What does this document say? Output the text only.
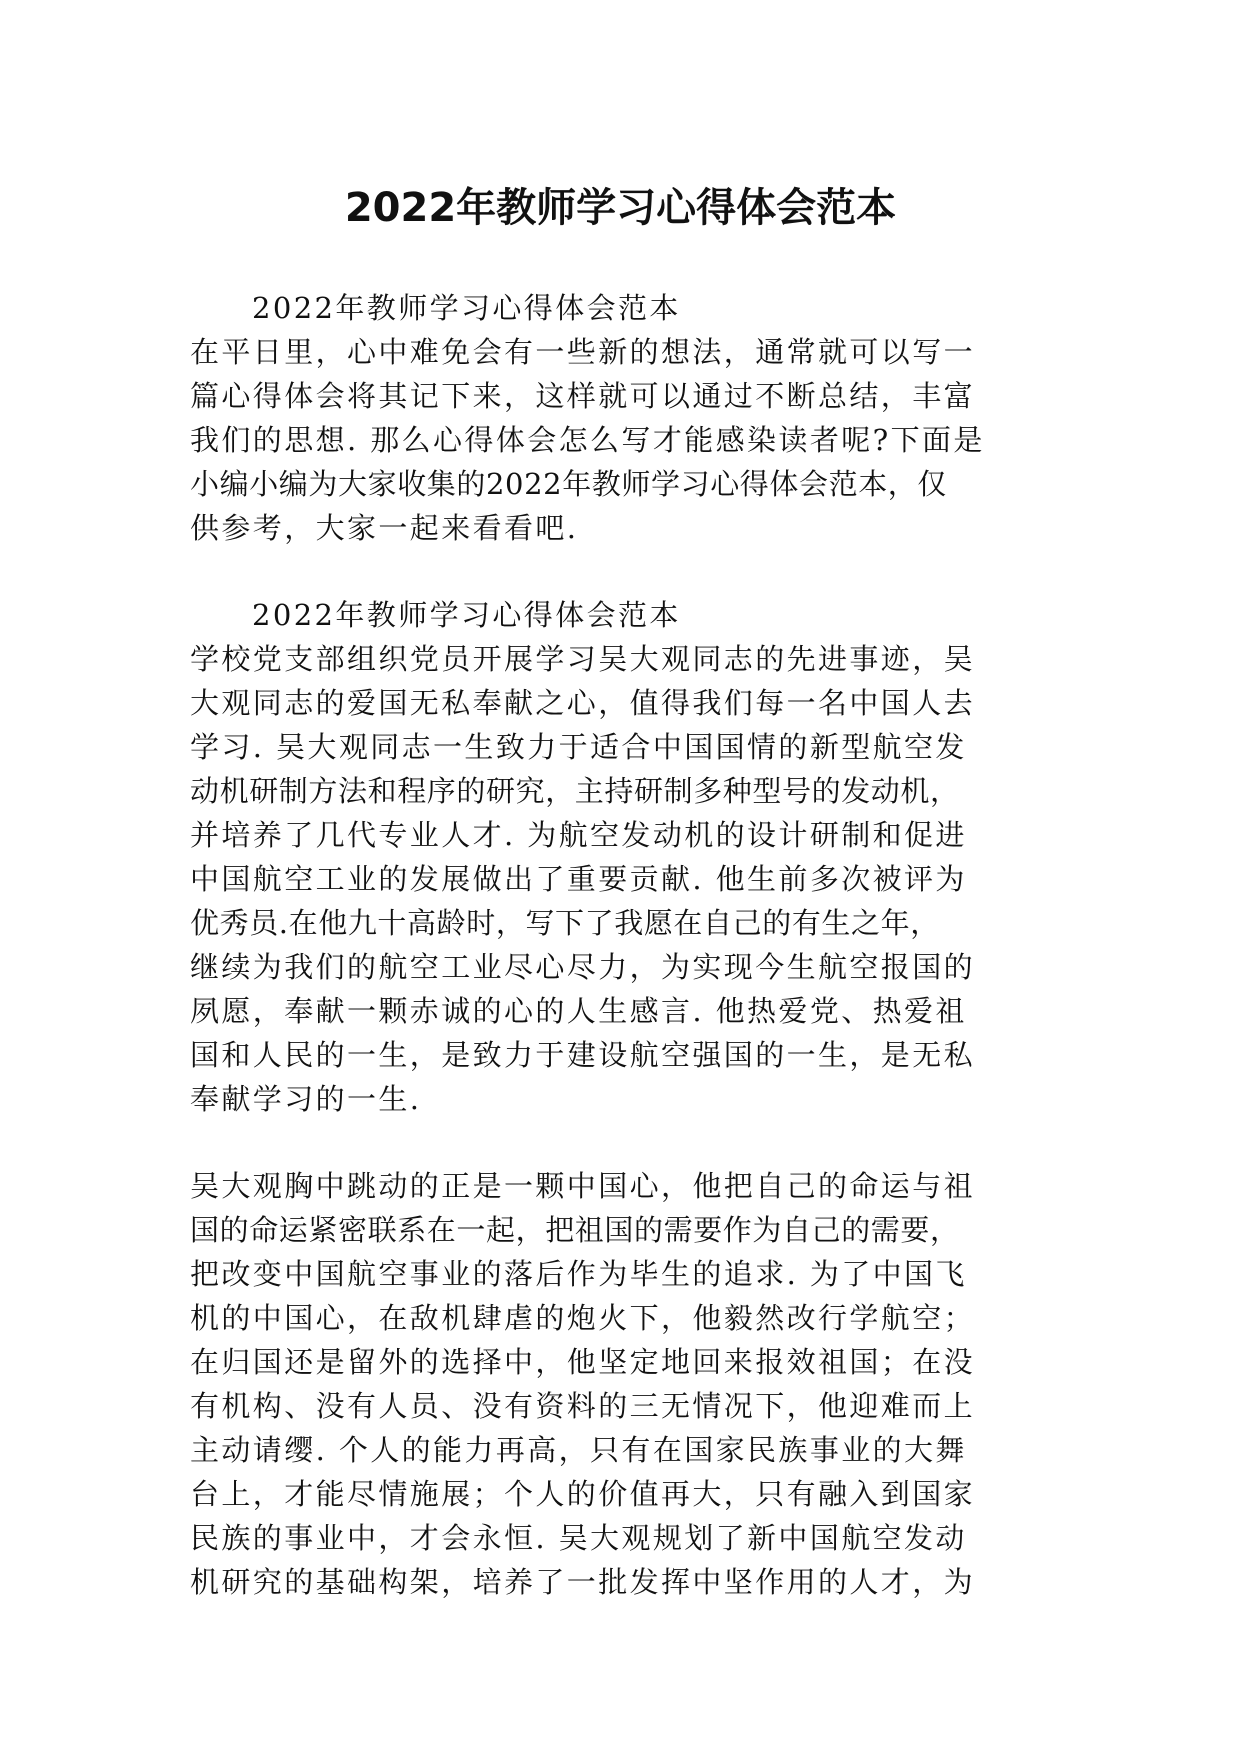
2022年教师学习心得体会范本
2022年教师学习心得体会范本
在平日里，心中难免会有一些新的想法，通常就可以写一
篇心得体会将其记下来，这样就可以通过不断总结，丰富
我们的思想. 那么心得体会怎么写才能感染读者呢?下面是
小编小编为大家收集的2022年教师学习心得体会范本，仅
供参考，大家一起来看看吧.
2022年教师学习心得体会范本
学校党支部组织党员开展学习吴大观同志的先进事迹，吴
大观同志的爱国无私奉献之心，值得我们每一名中国人去
学习. 吴大观同志一生致力于适合中国国情的新型航空发
动机研制方法和程序的研究，主持研制多种型号的发动机，
并培养了几代专业人才. 为航空发动机的设计研制和促进
中国航空工业的发展做出了重要贡献. 他生前多次被评为
优秀员.在他九十高龄时，写下了我愿在自己的有生之年，
继续为我们的航空工业尽心尽力，为实现今生航空报国的
夙愿，奉献一颗赤诚的心的人生感言. 他热爱党、热爱祖
国和人民的一生，是致力于建设航空强国的一生，是无私
奉献学习的一生.
吴大观胸中跳动的正是一颗中国心，他把自己的命运与祖
国的命运紧密联系在一起，把祖国的需要作为自己的需要，
把改变中国航空事业的落后作为毕生的追求. 为了中国飞
机的中国心，在敌机肆虐的炮火下，他毅然改行学航空；
在归国还是留外的选择中，他坚定地回来报效祖国；在没
有机构、没有人员、没有资料的三无情况下，他迎难而上
主动请缨. 个人的能力再高，只有在国家民族事业的大舞
台上，才能尽情施展；个人的价值再大，只有融入到国家
民族的事业中，才会永恒. 吴大观规划了新中国航空发动
机研究的基础构架，培养了一批发挥中坚作用的人才，为
